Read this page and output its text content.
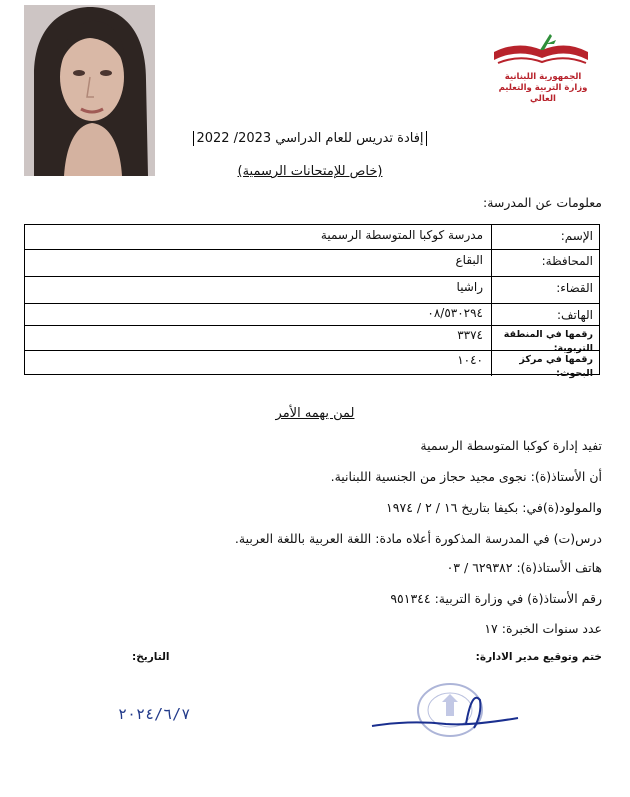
الجمهورية اللبنانية
وزارة التربية والتعليم العالي
إفادة تدريس للعام الدراسي 2023/ 2022
(خاص للإمتحانات الرسمية)
معلومات عن المدرسة:
مدرسة كوكبا المتوسطة الرسمية	الإسم:
البقاع	المحافظة:
راشيا	القضاء:
٠٨/٥٣٠٢٩٤	الهاتف:
٣٣٧٤	رقمها في المنطقة التربوية:
١٠٤٠	رقمها في مركز البحوث:
لمن يهمه الأمر
تفيد إدارة كوكبا المتوسطة الرسمية
أن الأستاذ(ة): نجوى مجيد حجاز من الجنسية اللبنانية.
والمولود(ة)في: بكيفا بتاريخ ١٦ / ٢ / ١٩٧٤
درس(ت) في المدرسة المذكورة أعلاه مادة: اللغة العربية باللغة العربية.
هاتف الأستاذ(ة): ٦٢٩٣٨٢ / ٠٣
رقم الأستاذ(ة) في وزارة التربية: ٩٥١٣٤٤
عدد سنوات الخبرة: ١٧
ختم وتوقيع مدير الادارة:
التاريخ:
٢٠٢٤/٦/٧
